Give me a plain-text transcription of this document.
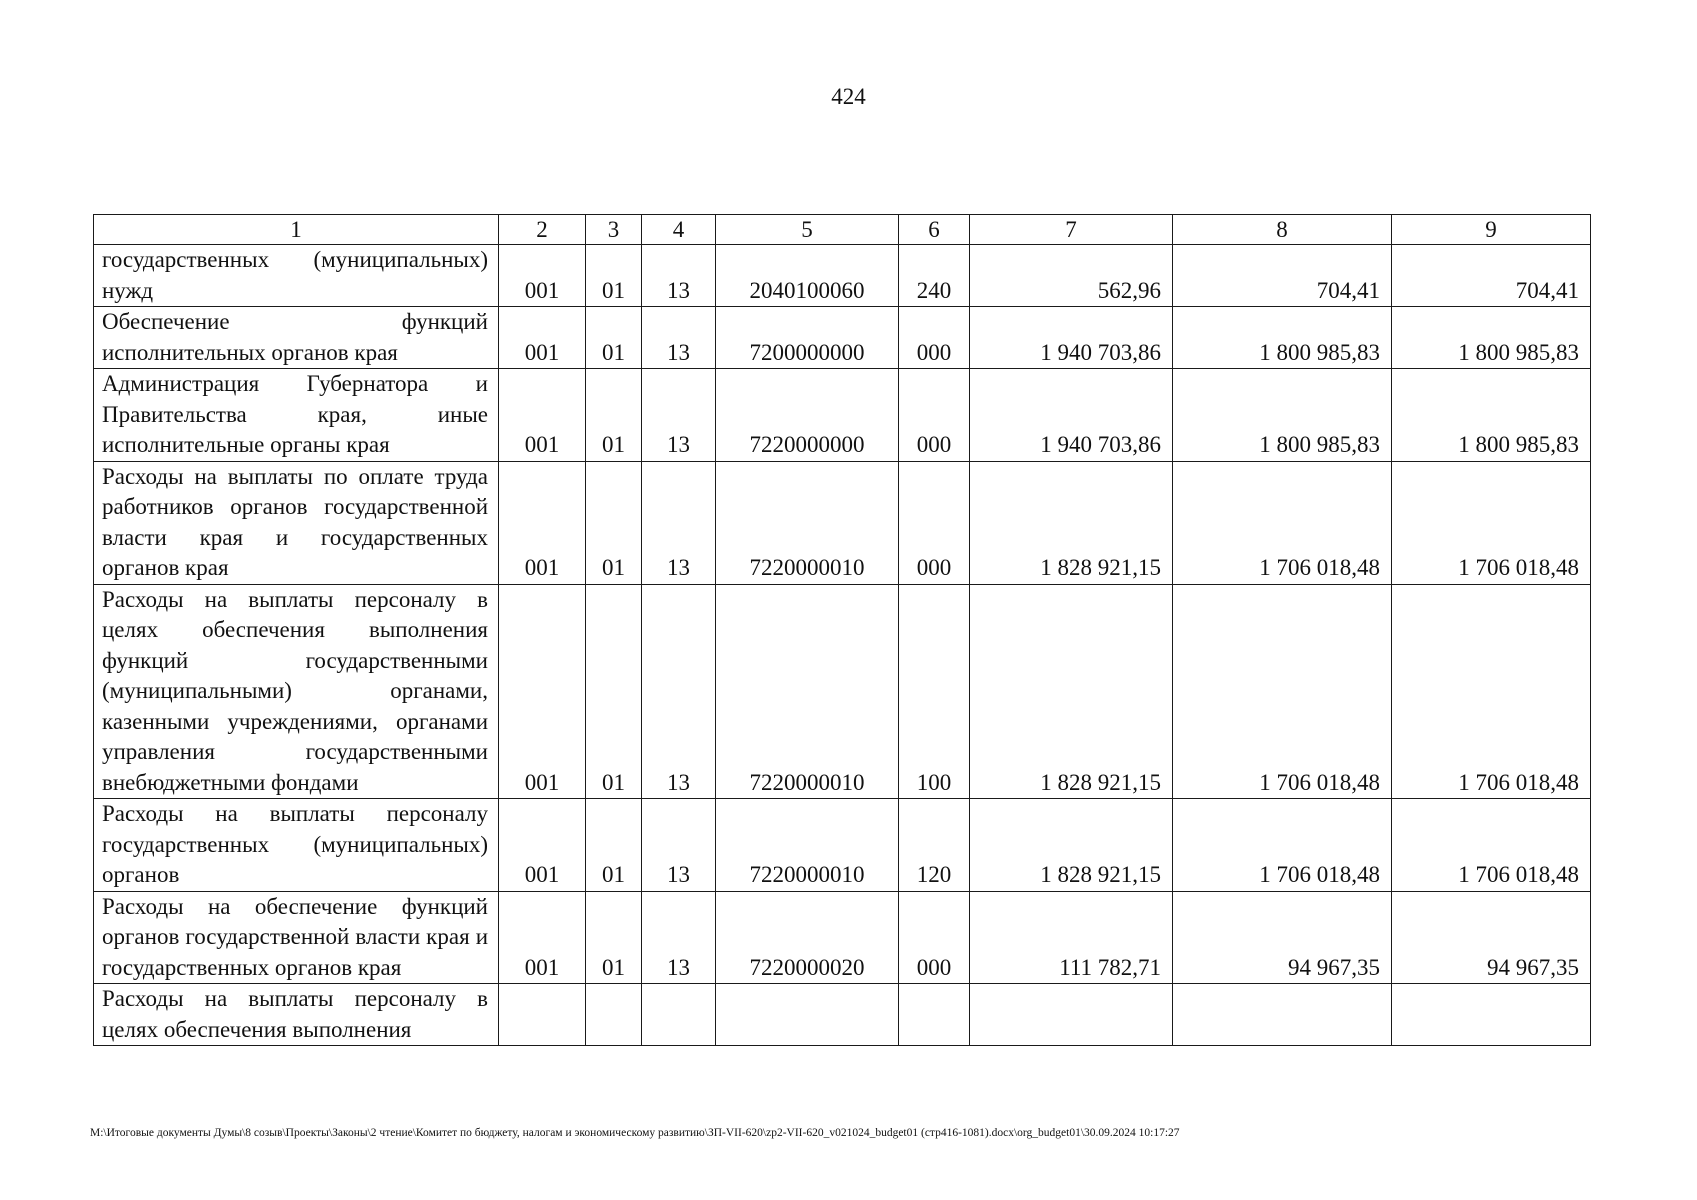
424
1	2	3	4	5	6	7	8	9
государственных (муниципальных) нужд	001	01	13	2040100060	240	562,96	704,41	704,41
Обеспечение функций исполнительных органов края	001	01	13	7200000000	000	1 940 703,86	1 800 985,83	1 800 985,83
Администрация Губернатора и Правительства края, иные исполнительные органы края	001	01	13	7220000000	000	1 940 703,86	1 800 985,83	1 800 985,83
Расходы на выплаты по оплате труда работников органов государственной власти края и государственных органов края	001	01	13	7220000010	000	1 828 921,15	1 706 018,48	1 706 018,48
Расходы на выплаты персоналу в целях обеспечения выполнения функций государственными (муниципальными) органами, казенными учреждениями, органами управления государственными внебюджетными фондами	001	01	13	7220000010	100	1 828 921,15	1 706 018,48	1 706 018,48
Расходы на выплаты персоналу государственных (муниципальных) органов	001	01	13	7220000010	120	1 828 921,15	1 706 018,48	1 706 018,48
Расходы на обеспечение функций органов государственной власти края и государственных органов края	001	01	13	7220000020	000	111 782,71	94 967,35	94 967,35
Расходы на выплаты персоналу в целях обеспечения выполнения								
M:\Итоговые документы Думы\8 созыв\Проекты\Законы\2 чтение\Комитет по бюджету, налогам и экономическому развитию\ЗП-VII-620\zp2-VII-620_v021024_budget01 (стр416-1081).docx\org_budget01\30.09.2024 10:17:27
